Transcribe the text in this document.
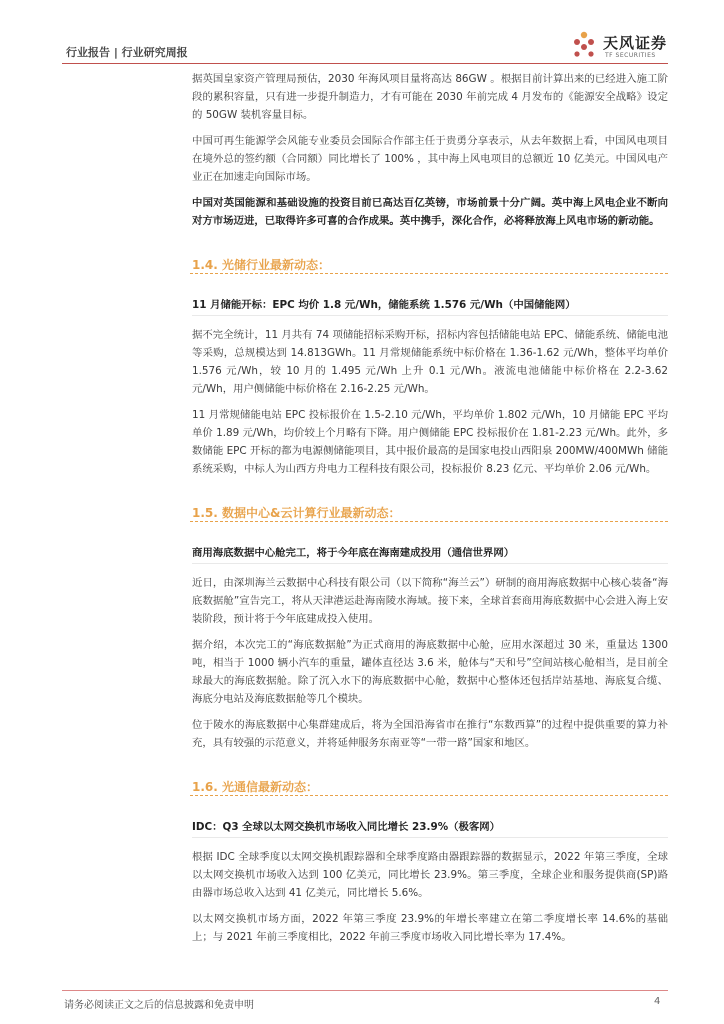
行业报告 | 行业研究周报
天风证券
TF SECURITIES

据英国皇家资产管理局预估，2030 年海风项目量将高达 86GW 。根据目前计算出来的已经进入施工阶段的累积容量，只有进一步提升制造力，才有可能在 2030 年前完成 4 月发布的《能源安全战略》设定的 50GW 装机容量目标。

中国可再生能源学会风能专业委员会国际合作部主任于贵勇分享表示，从去年数据上看，中国风电项目在境外总的签约额（合同额）同比增长了 100% ，其中海上风电项目的总额近 10 亿美元。中国风电产业正在加速走向国际市场。

中国对英国能源和基础设施的投资目前已高达百亿英镑，市场前景十分广阔。英中海上风电企业不断向对方市场迈进，已取得许多可喜的合作成果。英中携手，深化合作，必将释放海上风电市场的新动能。

1.4. 光储行业最新动态：
11 月储能开标：EPC 均价 1.8 元/Wh，储能系统 1.576 元/Wh（中国储能网）

据不完全统计，11 月共有 74 项储能招标采购开标，招标内容包括储能电站 EPC、储能系统、储能电池等采购，总规模达到 14.813GWh。11 月常规储能系统中标价格在 1.36-1.62 元/Wh，整体平均单价 1.576 元/Wh，较 10 月的 1.495 元/Wh 上升 0.1 元/Wh。液流电池储能中标价格在 2.2-3.62 元/Wh，用户侧储能中标价格在 2.16-2.25 元/Wh。

11 月常规储能电站 EPC 投标报价在 1.5-2.10 元/Wh，平均单价 1.802 元/Wh，10 月储能 EPC 平均单价 1.89 元/Wh，均价较上个月略有下降。用户侧储能 EPC 投标报价在 1.81-2.23 元/Wh。此外，多数储能 EPC 开标的都为电源侧储能项目，其中报价最高的是国家电投山西阳泉 200MW/400MWh 储能系统采购，中标人为山西方舟电力工程科技有限公司，投标报价 8.23 亿元、平均单价 2.06 元/Wh。

1.5. 数据中心&云计算行业最新动态：
商用海底数据中心舱完工，将于今年底在海南建成投用（通信世界网）

近日，由深圳海兰云数据中心科技有限公司（以下简称“海兰云”）研制的商用海底数据中心核心装备“海底数据舱”宣告完工，将从天津港运赴海南陵水海域。接下来，全球首套商用海底数据中心会进入海上安装阶段，预计将于今年底建成投入使用。

据介绍，本次完工的“海底数据舱”为正式商用的海底数据中心舱，应用水深超过 30 米，重量达 1300 吨，相当于 1000 辆小汽车的重量，罐体直径达 3.6 米，舱体与“天和号”空间站核心舱相当，是目前全球最大的海底数据舱。除了沉入水下的海底数据中心舱，数据中心整体还包括岸站基地、海底复合缆、海底分电站及海底数据舱等几个模块。

位于陵水的海底数据中心集群建成后，将为全国沿海省市在推行“东数西算”的过程中提供重要的算力补充，具有较强的示范意义，并将延伸服务东南亚等“一带一路”国家和地区。

1.6. 光通信最新动态：
IDC：Q3 全球以太网交换机市场收入同比增长 23.9%（极客网）

根据 IDC 全球季度以太网交换机跟踪器和全球季度路由器跟踪器的数据显示，2022 年第三季度，全球以太网交换机市场收入达到 100 亿美元，同比增长 23.9%。第三季度，全球企业和服务提供商(SP)路由器市场总收入达到 41 亿美元，同比增长 5.6%。

以太网交换机市场方面，2022 年第三季度 23.9%的年增长率建立在第二季度增长率 14.6%的基础上；与 2021 年前三季度相比，2022 年前三季度市场收入同比增长率为 17.4%。

请务必阅读正文之后的信息披露和免责申明	4
